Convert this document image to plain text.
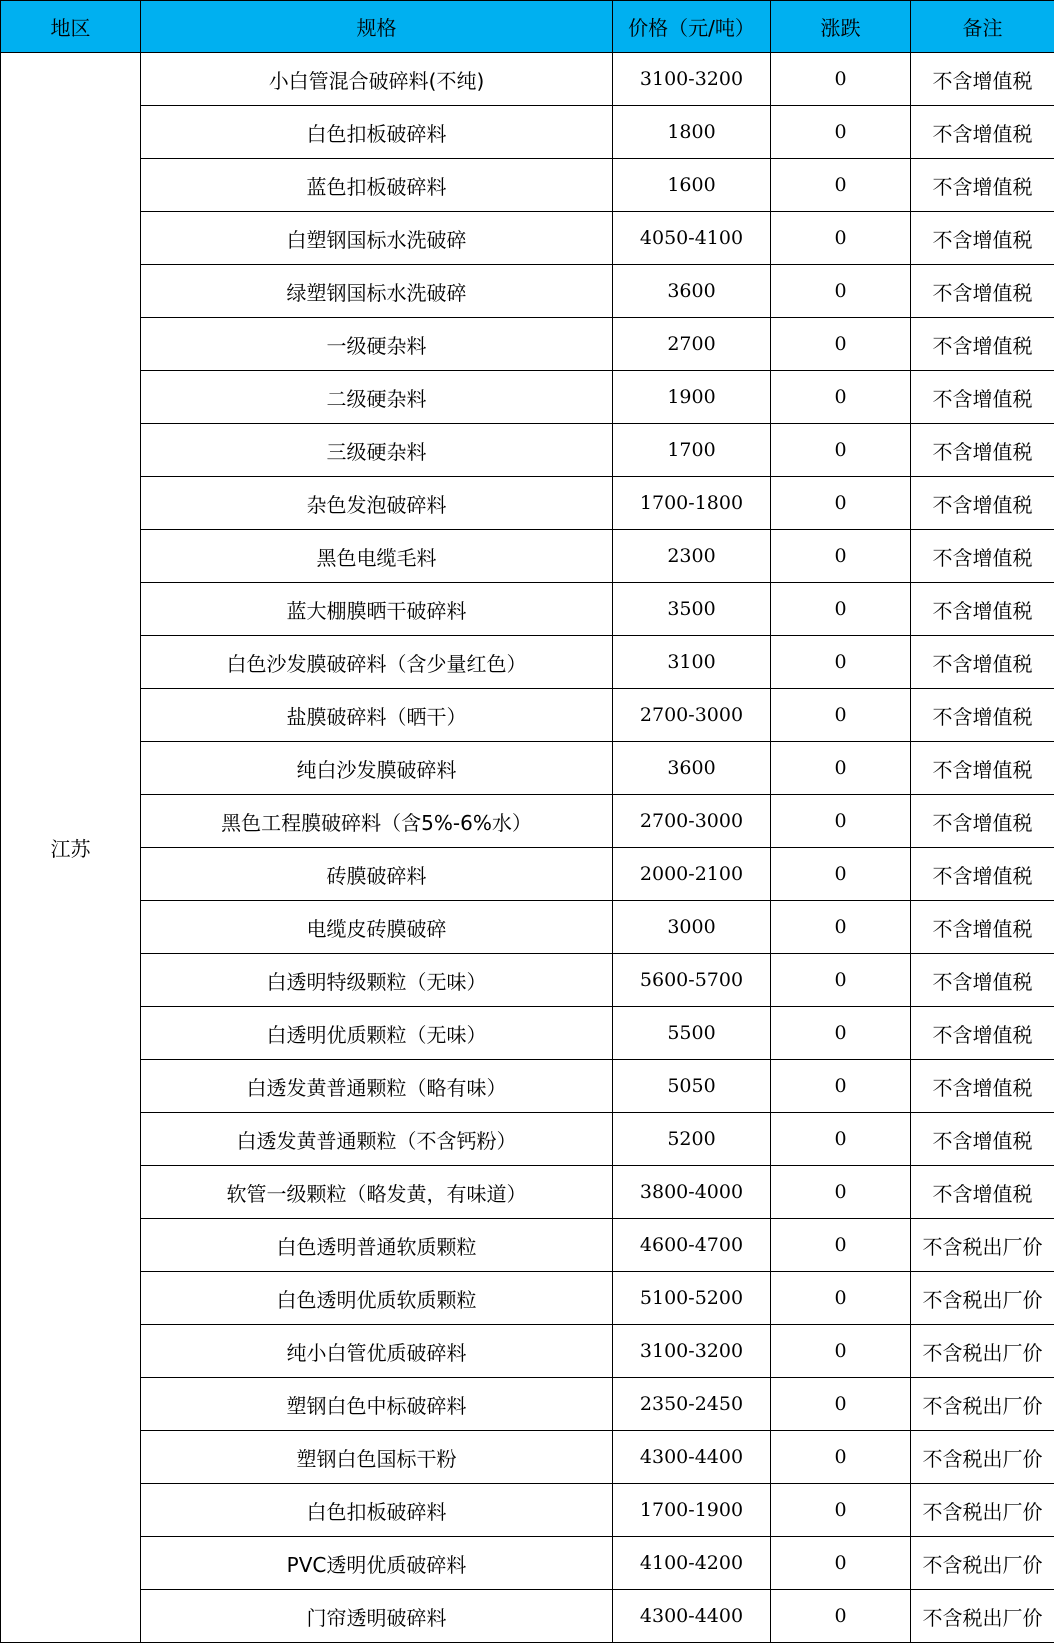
地区	规格	价格（元/吨）	涨跌	备注
江苏	小白管混合破碎料(不纯)	3100-3200	0	不含增值税
	白色扣板破碎料	1800	0	不含增值税
	蓝色扣板破碎料	1600	0	不含增值税
	白塑钢国标水洗破碎	4050-4100	0	不含增值税
	绿塑钢国标水洗破碎	3600	0	不含增值税
	一级硬杂料	2700	0	不含增值税
	二级硬杂料	1900	0	不含增值税
	三级硬杂料	1700	0	不含增值税
	杂色发泡破碎料	1700-1800	0	不含增值税
	黑色电缆毛料	2300	0	不含增值税
	蓝大棚膜晒干破碎料	3500	0	不含增值税
	白色沙发膜破碎料（含少量红色）	3100	0	不含增值税
	盐膜破碎料（晒干）	2700-3000	0	不含增值税
	纯白沙发膜破碎料	3600	0	不含增值税
	黑色工程膜破碎料（含5%-6%水）	2700-3000	0	不含增值税
	砖膜破碎料	2000-2100	0	不含增值税
	电缆皮砖膜破碎	3000	0	不含增值税
	白透明特级颗粒（无味）	5600-5700	0	不含增值税
	白透明优质颗粒（无味）	5500	0	不含增值税
	白透发黄普通颗粒（略有味）	5050	0	不含增值税
	白透发黄普通颗粒（不含钙粉）	5200	0	不含增值税
	软管一级颗粒（略发黄，有味道）	3800-4000	0	不含增值税
	白色透明普通软质颗粒	4600-4700	0	不含税出厂价
	白色透明优质软质颗粒	5100-5200	0	不含税出厂价
	纯小白管优质破碎料	3100-3200	0	不含税出厂价
	塑钢白色中标破碎料	2350-2450	0	不含税出厂价
	塑钢白色国标干粉	4300-4400	0	不含税出厂价
	白色扣板破碎料	1700-1900	0	不含税出厂价
	PVC透明优质破碎料	4100-4200	0	不含税出厂价
	门帘透明破碎料	4300-4400	0	不含税出厂价
